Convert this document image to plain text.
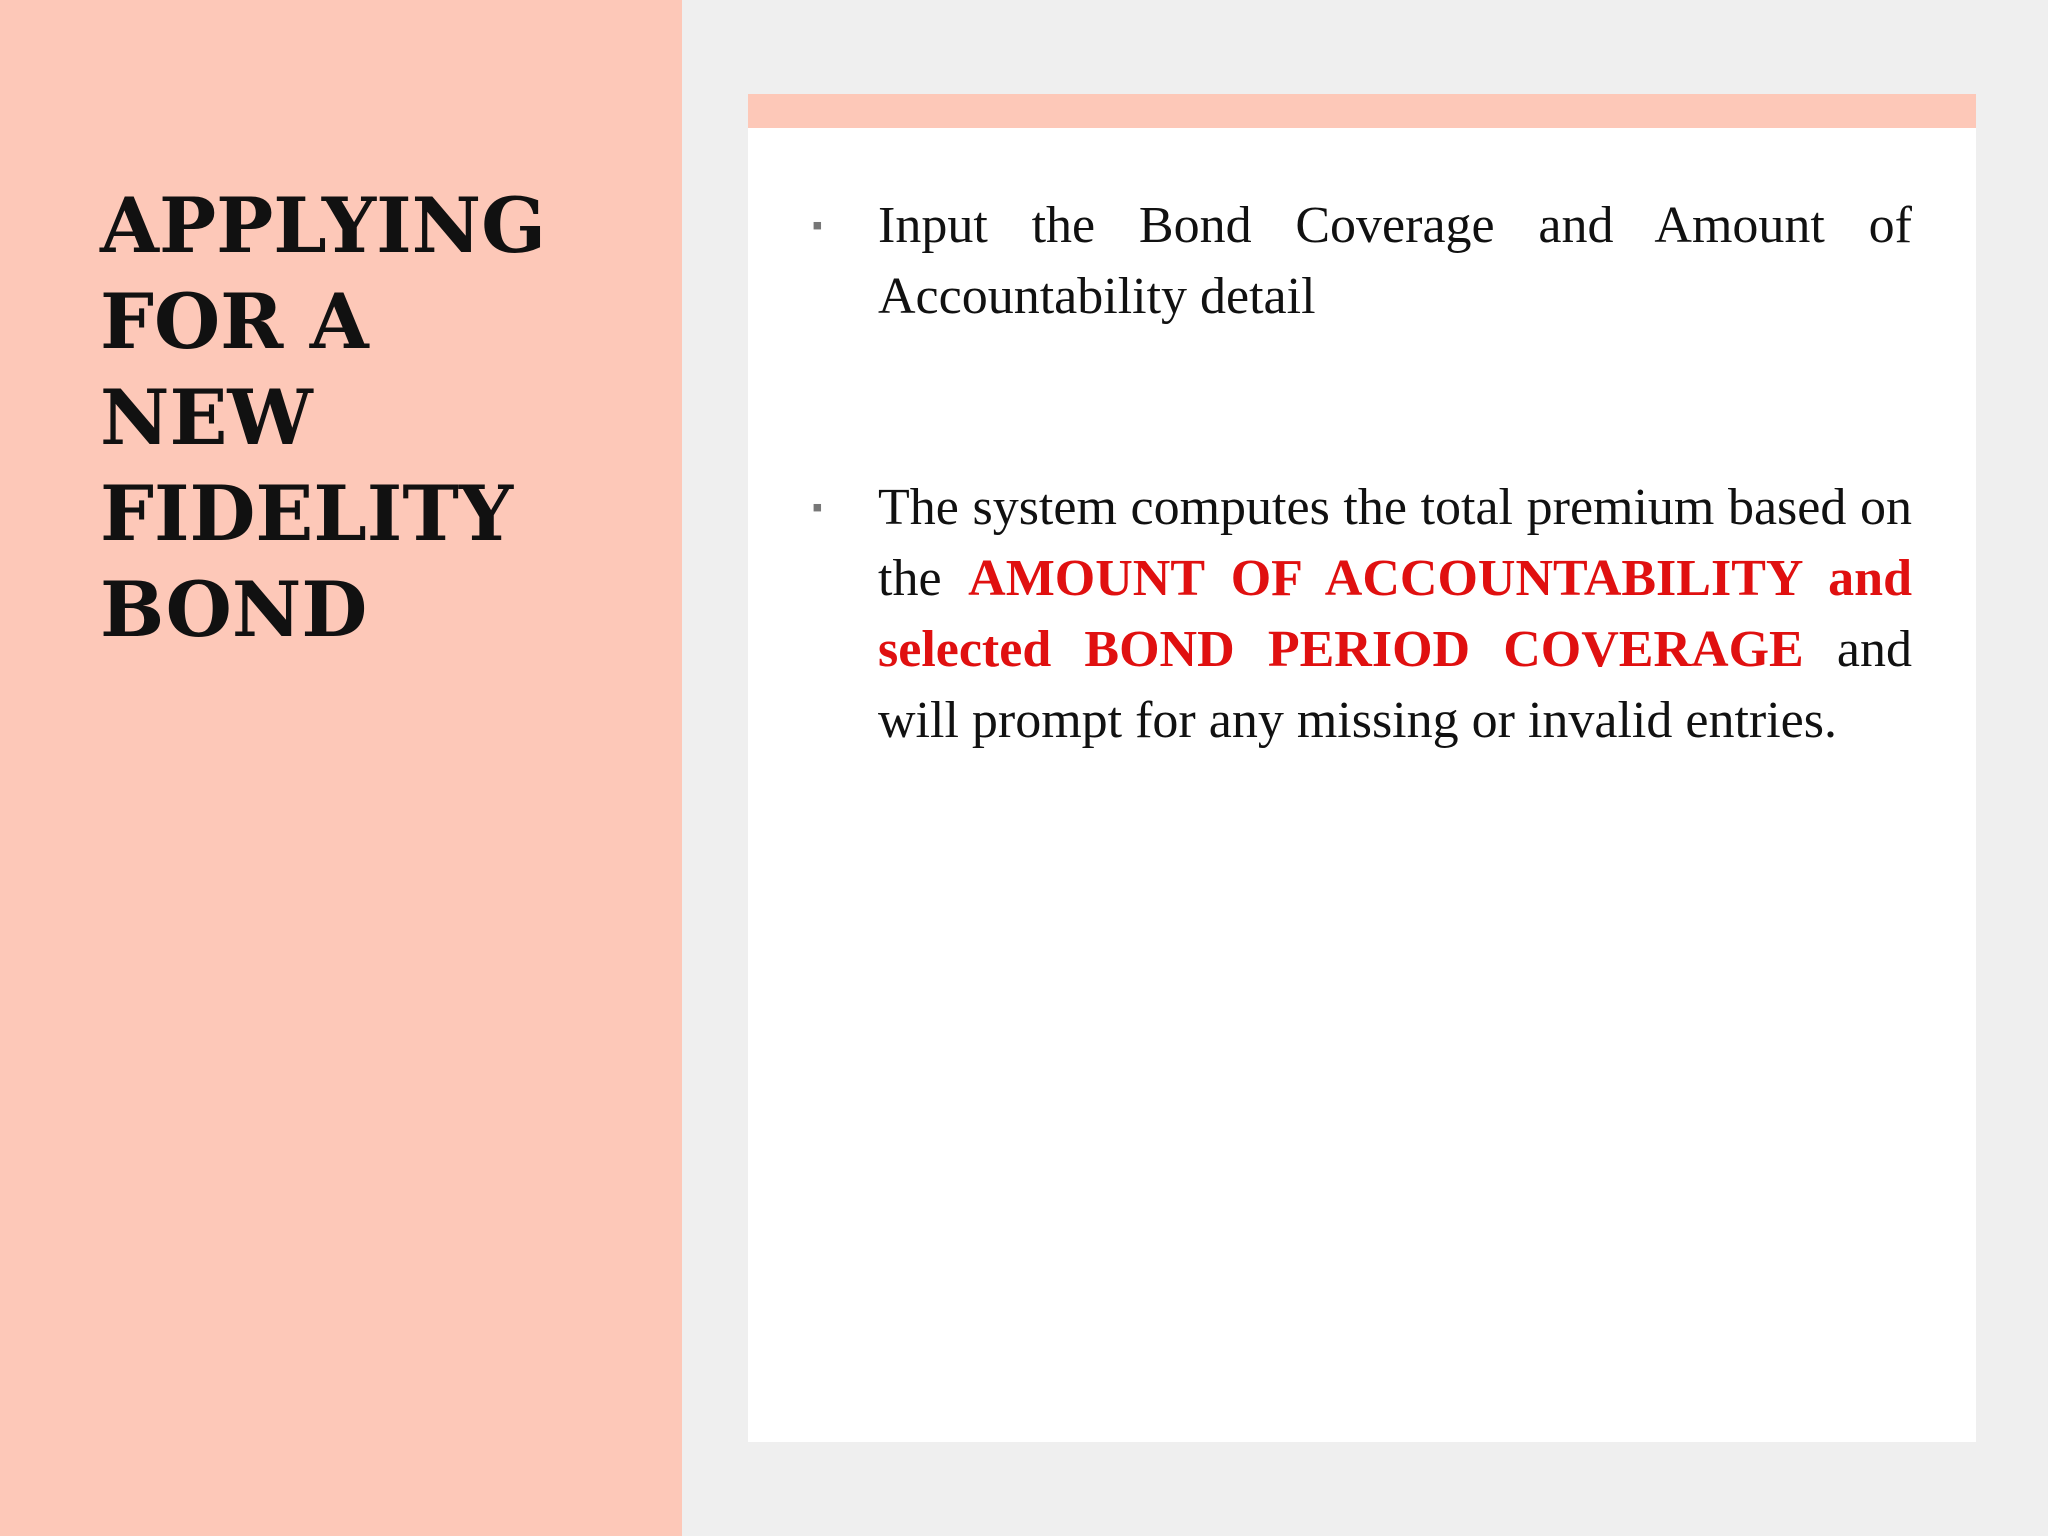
APPLYING
FOR A
NEW
FIDELITY
BOND
▪	Input the Bond Coverage and Amount of Accountability detail
▪	The system computes the total premium based on the AMOUNT OF ACCOUNTABILITY and selected BOND PERIOD COVERAGE and will prompt for any missing or invalid entries.
